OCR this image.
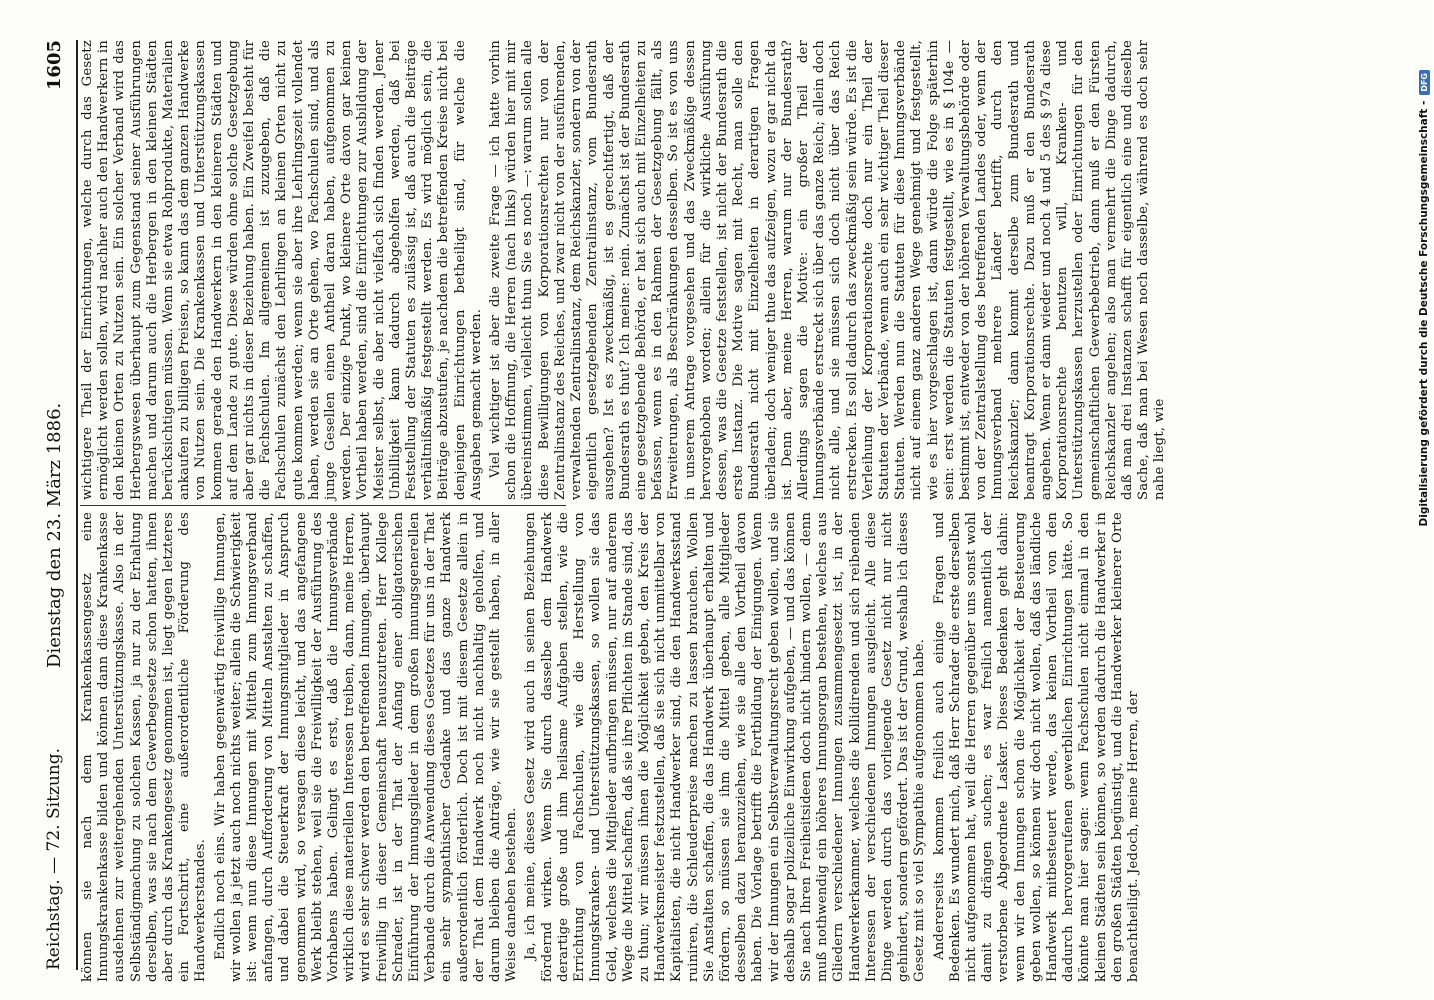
Reichstag. — 72. Sitzung.
Dienstag den 23. März 1886.
1605

können sie nach dem Krankenkassengesetz eine Innungskrankenkasse bilden und können dann diese Krankenkasse ausdehnen zur weitergehenden Unterstützungskasse. Also in der Selbständigmachung zu solchen Kassen, ja nur zu der Erhaltung derselben, was sie nach dem Gewerbegesetze schon hatten, ihnen aber durch das Krankengesetz genommen ist, liegt gegen letzteres ein Fortschritt, eine außerordentliche Förderung des Handwerkerstandes. Endlich noch eins. Wir haben gegenwärtig freiwillige Innungen, wir wollen ja jetzt auch noch nichts weiter; allein die Schwierigkeit ist: wenn nun diese Innungen mit Mitteln zum Innungsverband anfangen, durch Aufforderung von Mitteln Anstalten zu schaffen, und dabei die Steuerkraft der Innungsmitglieder in Anspruch genommen wird, so versagen diese leicht, und das angefangene Werk bleibt stehen, weil sie die Freiwilligkeit der Ausführung des Vorhabens haben. Gelingt es erst, daß die Innungsverbände wirklich diese materiellen Interessen treiben, dann, meine Herren, wird es sehr schwer werden den betreffenden Innungen, überhaupt freiwillig in dieser Gemeinschaft herauszutreten. Herr Kollege Schrader, ist in der That der Anfang einer obligatorischen Einführung der Innungsglieder in dem großen innungsgenerellen Verbande durch die Anwendung dieses Gesetzes für uns in der That ein sehr sympathischer Gedanke und das ganze Handwerk außerordentlich förderlich. Doch ist mit diesem Gesetze allein in der That dem Handwerk noch nicht nachhaltig geholfen, und darum bleiben die Anträge, wie wir sie gestellt haben, in aller Weise daneben bestehen. Ja, ich meine, dieses Gesetz wird auch in seinen Beziehungen fördernd wirken. Wenn Sie durch dasselbe dem Handwerk derartige große und ihm heilsame Aufgaben stellen, wie die Errichtung von Fachschulen, wie die Herstellung von Innungskranken- und Unterstützungskassen, so wollen sie das Geld, welches die Mitglieder aufbringen müssen, nur auf anderem Wege die Mittel schaffen, daß sie ihre Pflichten im Stande sind, das zu thun; wir müssen ihnen die Möglichkeit geben, den Kreis der Handwerksmeister festzustellen, daß sie sich nicht unmittelbar von Kapitalisten, die nicht Handwerker sind, die den Handwerksstand ruiniren, die Schleuderpreise machen zu lassen brauchen. Wollen Sie Anstalten schaffen, die das Handwerk überhaupt erhalten und fördern, so müssen sie ihm die Mittel geben, alle Mitglieder desselben dazu heranzuziehen, wie sie alle den Vortheil davon haben. Die Vorlage betrifft die Fortbildung der Einigungen. Wenn wir der Innungen ein Selbstverwaltungsrecht geben wollen, und sie deshalb sogar polizeiliche Einwirkung aufgeben, — und das können Sie nach Ihren Freiheitsideen doch nicht hindern wollen, — denn muß nothwendig ein höheres Innungsorgan bestehen, welches aus Gliedern verschiedener Innungen zusammengesetzt ist, in der Handwerkerkammer, welches die kollidirenden und sich reibenden Interessen der verschiedenen Innungen ausgleicht. Alle diese Dinge werden durch das vorliegende Gesetz nicht nur nicht gehindert, sondern gefördert. Das ist der Grund, weshalb ich dieses Gesetz mit so viel Sympathie aufgenommen habe. Andererseits kommen freilich auch einige Fragen und Bedenken. Es wundert mich, daß Herr Schrader die erste derselben nicht aufgenommen hat, weil die Herren gegenüber uns sonst wohl damit zu drängen suchen; es war freilich namentlich der verstorbene Abgeordnete Lasker. Dieses Bedenken geht dahin: wenn wir den Innungen schon die Möglichkeit der Besteuerung geben wollen, so können wir doch nicht wollen, daß das ländliche Handwerk mitbesteuert werde, das keinen Vortheil von den dadurch hervorgerufenen gewerblichen Einrichtungen hätte. So könnte man hier sagen: wenn Fachschulen nicht einmal in den kleinen Städten sein können, so werden dadurch die Handwerker in den großen Städten begünstigt, und die Handwerker kleinerer Orte benachtheiligt. Jedoch, meine Herren, der

wichtigere Theil der Einrichtungen, welche durch das Gesetz ermöglicht werden sollen, wird nachher auch den Handwerkern in den kleinen Orten zu Nutzen sein. Ein solcher Verband wird das Herbergswesen überhaupt zum Gegenstand seiner Ausführungen machen und darum auch die Herbergen in den kleinen Städten berücksichtigen müssen. Wenn sie etwa Rohprodukte, Materialien ankaufen zu billigen Preisen, so kann das dem ganzen Handwerke von Nutzen sein. Die Krankenkassen und Unterstützungskassen kommen gerade den Handwerkern in den kleineren Städten und auf dem Lande zu gute. Diese würden ohne solche Gesetzgebung aber gar nichts in dieser Beziehung haben. Ein Zweifel besteht für die Fachschulen. Im allgemeinen ist zuzugeben, daß die Fachschulen zunächst den Lehrlingen an kleinen Orten nicht zu gute kommen werden; wenn sie aber ihre Lehrlingszeit vollendet haben, werden sie an Orte gehen, wo Fachschulen sind, und als junge Gesellen einen Antheil daran haben, aufgenommen zu werden. Der einzige Punkt, wo kleinere Orte davon gar keinen Vortheil haben werden, sind die Einrichtungen zur Ausbildung der Meister selbst, die aber nicht vielfach sich finden werden. Jener Unbilligkeit kann dadurch abgeholfen werden, daß bei Feststellung der Statuten es zulässig ist, daß auch die Beiträge verhältnißmäßig festgestellt werden. Es wird möglich sein, die Beiträge abzustufen, je nachdem die betreffenden Kreise nicht bei denjenigen Einrichtungen betheiligt sind, für welche die Ausgaben gemacht werden. Viel wichtiger ist aber die zweite Frage — ich hatte vorhin schon die Hoffnung, die Herren (nach links) würden hier mit mir übereinstimmen, vielleicht thun Sie es noch —: warum sollen alle diese Bewilligungen von Korporationsrechten nur von der Zentralinstanz des Reiches, und zwar nicht von der ausführenden, verwaltenden Zentralinstanz, dem Reichskanzler, sondern von der eigentlich gesetzgebenden Zentralinstanz, vom Bundesrath ausgehen? Ist es zweckmäßig, ist es gerechtfertigt, daß der Bundesrath es thut? Ich meine: nein. Zunächst ist der Bundesrath eine gesetzgebende Behörde, er hat sich auch mit Einzelheiten zu befassen, wenn es in den Rahmen der Gesetzgebung fällt, als Erweiterungen, als Beschränkungen desselben. So ist es von uns in unserem Antrage vorgesehen und das Zweckmäßige dessen hervorgehoben worden; allein für die wirkliche Ausführung dessen, was die Gesetze feststellen, ist nicht der Bundesrath die erste Instanz. Die Motive sagen mit Recht, man solle den Bundesrath nicht mit Einzelheiten in derartigen Fragen überladen; doch weniger thue das aufzeigen, wozu er gar nicht da ist. Denn aber, meine Herren, warum nur der Bundesrath? Allerdings sagen die Motive: ein großer Theil der Innungsverbände erstreckt sich über das ganze Reich; allein doch nicht alle, und sie müssen sich doch nicht über das Reich erstrecken. Es soll dadurch das zweckmäßig sein würde. Es ist die Verleihung der Korporationsrechte doch nur ein Theil der Statuten der Verbände, wenn auch ein sehr wichtiger Theil dieser Statuten. Werden nun die Statuten für diese Innungsverbände nicht auf einem ganz anderen Wege genehmigt und festgestellt, wie es hier vorgeschlagen ist, dann würde die Folge späterhin sein: erst werden die Statuten festgestellt, wie es in § 104e — bestimmt ist, entweder von der höheren Verwaltungsbehörde oder von der Zentralstellung des betreffenden Landes oder, wenn der Innungsverband mehrere Länder betrifft, durch den Reichskanzler; dann kommt derselbe zum Bundesrath und beantragt Korporationsrechte. Dazu muß er den Bundesrath angehen. Wenn er dann wieder und noch 4 und 5 des § 97a diese Korporationsrechte benutzen will, Kranken- und Unterstützungskassen herzustellen oder Einrichtungen für den gemeinschaftlichen Gewerbebetrieb, dann muß er den Fürsten Reichskanzler angehen; also man vermehrt die Dinge dadurch, daß man drei Instanzen schafft für eigentlich eine und dieselbe Sache, daß man bei Wesen noch dasselbe, während es doch sehr nahe liegt, wie	Digitalisierung gefördert durch die Deutsche Forschungsgemeinschaft -
DFG
